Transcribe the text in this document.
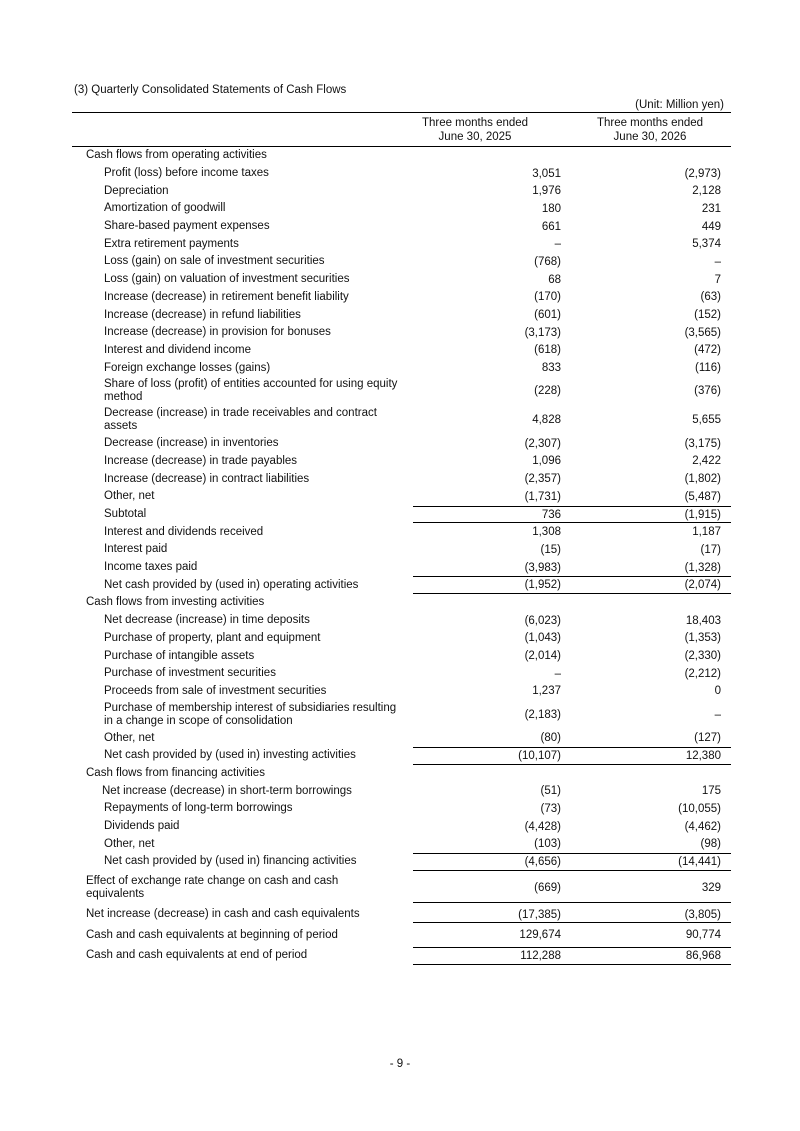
(3) Quarterly Consolidated Statements of Cash Flows
(Unit: Million yen)
Three months ended
June 30, 2025
Three months ended
June 30, 2026
Cash flows from operating activities
Profit (loss) before income taxes	3,051	(2,973)
Depreciation	1,976	2,128
Amortization of goodwill	180	231
Share-based payment expenses	661	449
Extra retirement payments	–	5,374
Loss (gain) on sale of investment securities	(768)	–
Loss (gain) on valuation of investment securities	68	7
Increase (decrease) in retirement benefit liability	(170)	(63)
Increase (decrease) in refund liabilities	(601)	(152)
Increase (decrease) in provision for bonuses	(3,173)	(3,565)
Interest and dividend income	(618)	(472)
Foreign exchange losses (gains)	833	(116)
Share of loss (profit) of entities accounted for using equity method	(228)	(376)
Decrease (increase) in trade receivables and contract assets	4,828	5,655
Decrease (increase) in inventories	(2,307)	(3,175)
Increase (decrease) in trade payables	1,096	2,422
Increase (decrease) in contract liabilities	(2,357)	(1,802)
Other, net	(1,731)	(5,487)
Subtotal	736	(1,915)
Interest and dividends received	1,308	1,187
Interest paid	(15)	(17)
Income taxes paid	(3,983)	(1,328)
Net cash provided by (used in) operating activities	(1,952)	(2,074)
Cash flows from investing activities
Net decrease (increase) in time deposits	(6,023)	18,403
Purchase of property, plant and equipment	(1,043)	(1,353)
Purchase of intangible assets	(2,014)	(2,330)
Purchase of investment securities	–	(2,212)
Proceeds from sale of investment securities	1,237	0
Purchase of membership interest of subsidiaries resulting in a change in scope of consolidation	(2,183)	–
Other, net	(80)	(127)
Net cash provided by (used in) investing activities	(10,107)	12,380
Cash flows from financing activities
Net increase (decrease) in short-term borrowings	(51)	175
Repayments of long-term borrowings	(73)	(10,055)
Dividends paid	(4,428)	(4,462)
Other, net	(103)	(98)
Net cash provided by (used in) financing activities	(4,656)	(14,441)
Effect of exchange rate change on cash and cash equivalents	(669)	329
Net increase (decrease) in cash and cash equivalents	(17,385)	(3,805)
Cash and cash equivalents at beginning of period	129,674	90,774
Cash and cash equivalents at end of period	112,288	86,968
- 9 -
